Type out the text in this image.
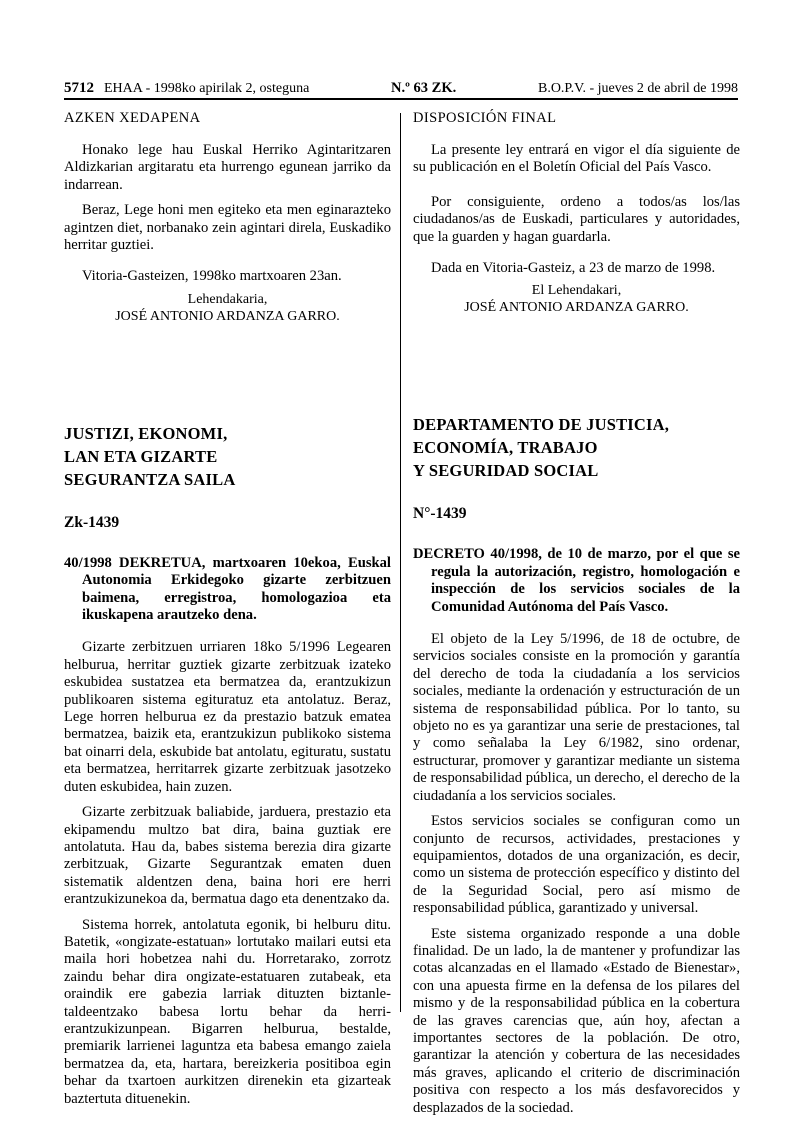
5712 EHAA - 1998ko apirilak 2, osteguna	N.º 63 ZK.	B.O.P.V. - jueves 2 de abril de 1998
AZKEN XEDAPENA

Honako lege hau Euskal Herriko Agintaritzaren Aldizkarian argitaratu eta hurrengo egunean jarriko da indarrean.

Beraz, Lege honi men egiteko eta men eginarazteko agintzen diet, norbanako zein agintari direla, Euskadiko herritar guztiei.

Vitoria-Gasteizen, 1998ko martxoaren 23an.

Lehendakaria,

JOSÉ ANTONIO ARDANZA GARRO.

JUSTIZI, EKONOMI,
LAN ETA GIZARTE
SEGURANTZA SAILA
Zk-1439

40/1998 DEKRETUA, martxoaren 10ekoa, Euskal Autonomia Erkidegoko gizarte zerbitzuen baimena, erregistroa, homologazioa eta ikuskapena arautzeko dena.

Gizarte zerbitzuen urriaren 18ko 5/1996 Legearen helburua, herritar guztiek gizarte zerbitzuak izateko eskubidea sustatzea eta bermatzea da, erantzukizun publikoaren sistema egituratuz eta antolatuz. Beraz, Lege horren helburua ez da prestazio batzuk ematea bermatzea, baizik eta, erantzukizun publikoko sistema bat oinarri dela, eskubide bat antolatu, egituratu, sustatu eta bermatzea, herritarrek gizarte zerbitzuak jasotzeko duten eskubidea, hain zuzen.

Gizarte zerbitzuak baliabide, jarduera, prestazio eta ekipamendu multzo bat dira, baina guztiak ere antolatuta. Hau da, babes sistema berezia dira gizarte zerbitzuak, Gizarte Segurantzak ematen duen sistematik aldentzen dena, baina hori ere herri erantzukizunekoa da, bermatua dago eta denentzako da.

Sistema horrek, antolatuta egonik, bi helburu ditu. Batetik, «ongizate-estatuan» lortutako mailari eutsi eta maila hori hobetzea nahi du. Horretarako, zorrotz zaindu behar dira ongizate-estatuaren zutabeak, eta oraindik ere gabezia larriak dituzten biztanle-taldeentzako babesa lortu behar da herri-erantzukizunpean. Bigarren helburua, bestalde, premiarik larrienei laguntza eta babesa emango zaiela bermatzea da, eta, hartara, bereizkeria positiboa egin behar da txartoen aurkitzen direnekin eta gizarteak baztertuta dituenekin.

DISPOSICIÓN FINAL

La presente ley entrará en vigor el día siguiente de su publicación en el Boletín Oficial del País Vasco.

Por consiguiente, ordeno a todos/as los/las ciudadanos/as de Euskadi, particulares y autoridades, que la guarden y hagan guardarla.

Dada en Vitoria-Gasteiz, a 23 de marzo de 1998.

El Lehendakari,

JOSÉ ANTONIO ARDANZA GARRO.

DEPARTAMENTO DE JUSTICIA,
ECONOMÍA, TRABAJO
Y SEGURIDAD SOCIAL
N°-1439

DECRETO 40/1998, de 10 de marzo, por el que se regula la autorización, registro, homologación e inspección de los servicios sociales de la Comunidad Autónoma del País Vasco.

El objeto de la Ley 5/1996, de 18 de octubre, de servicios sociales consiste en la promoción y garantía del derecho de toda la ciudadanía a los servicios sociales, mediante la ordenación y estructuración de un sistema de responsabilidad pública. Por lo tanto, su objeto no es ya garantizar una serie de prestaciones, tal y como señalaba la Ley 6/1982, sino ordenar, estructurar, promover y garantizar mediante un sistema de responsabilidad pública, un derecho, el derecho de la ciudadanía a los servicios sociales.

Estos servicios sociales se configuran como un conjunto de recursos, actividades, prestaciones y equipamientos, dotados de una organización, es decir, como un sistema de protección específico y distinto del de la Seguridad Social, pero así mismo de responsabilidad pública, garantizado y universal.

Este sistema organizado responde a una doble finalidad. De un lado, la de mantener y profundizar las cotas alcanzadas en el llamado «Estado de Bienestar», con una apuesta firme en la defensa de los pilares del mismo y de la responsabilidad pública en la cobertura de las graves carencias que, aún hoy, afectan a importantes sectores de la población. De otro, garantizar la atención y cobertura de las necesidades más graves, aplicando el criterio de discriminación positiva con respecto a los más desfavorecidos y desplazados de la sociedad.
